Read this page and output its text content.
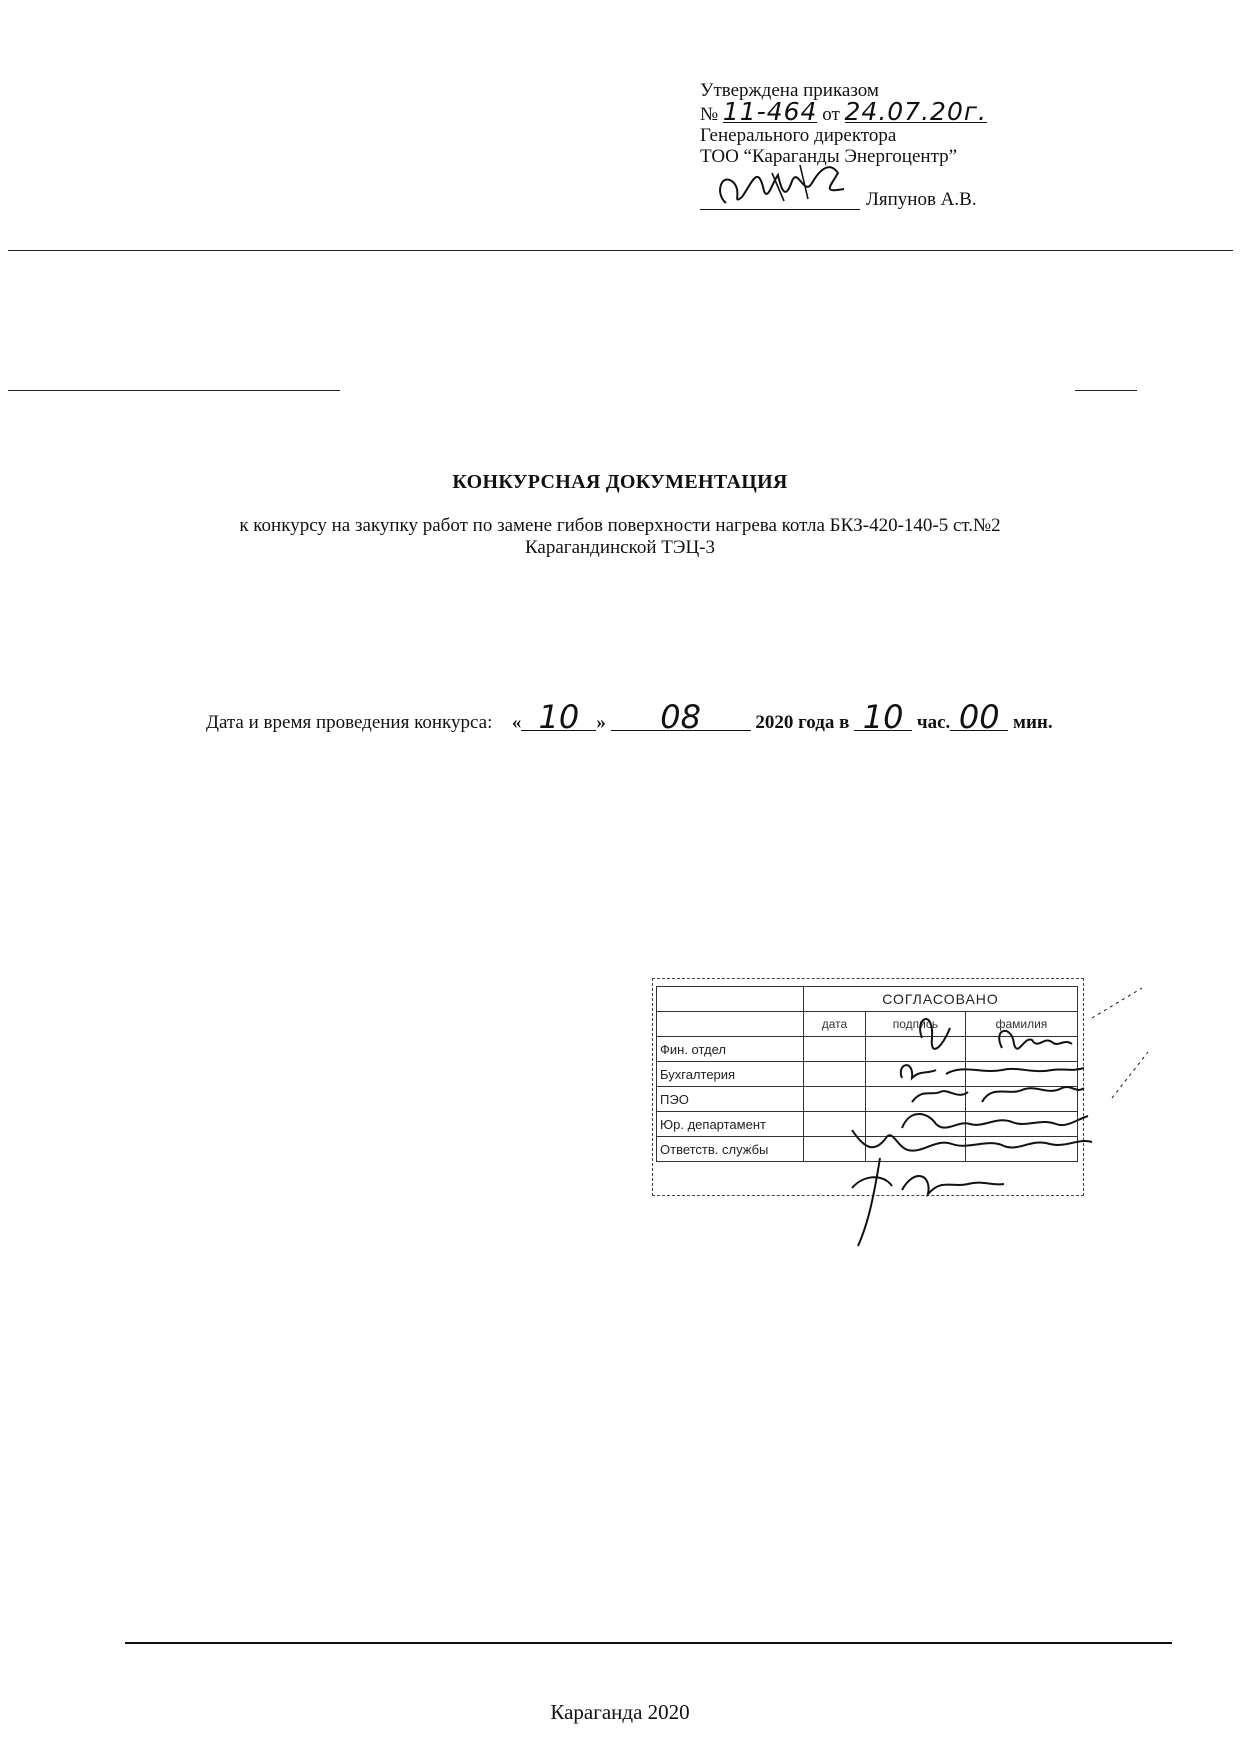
Утверждена приказом
№ 11-464 от 24.07.20г.
Генерального директора
ТОО “Караганды Энергоцентр”
Ляпунов А.В.
КОНКУРСНАЯ ДОКУМЕНТАЦИЯ
к конкурсу на закупку работ по замене гибов поверхности нагрева котла БКЗ-420-140-5 ст.№2
Карагандинской ТЭЦ-3
Дата и время проведения конкурса: « 10 » 08	2020 года в 10 час. 00 мин.
	СОГЛАСОВАНО		
	дата	подпись	фамилия
Фин. отдел			
Бухгалтерия			
ПЭО			
Юр. департамент			
Ответств. службы			
Караганда 2020
